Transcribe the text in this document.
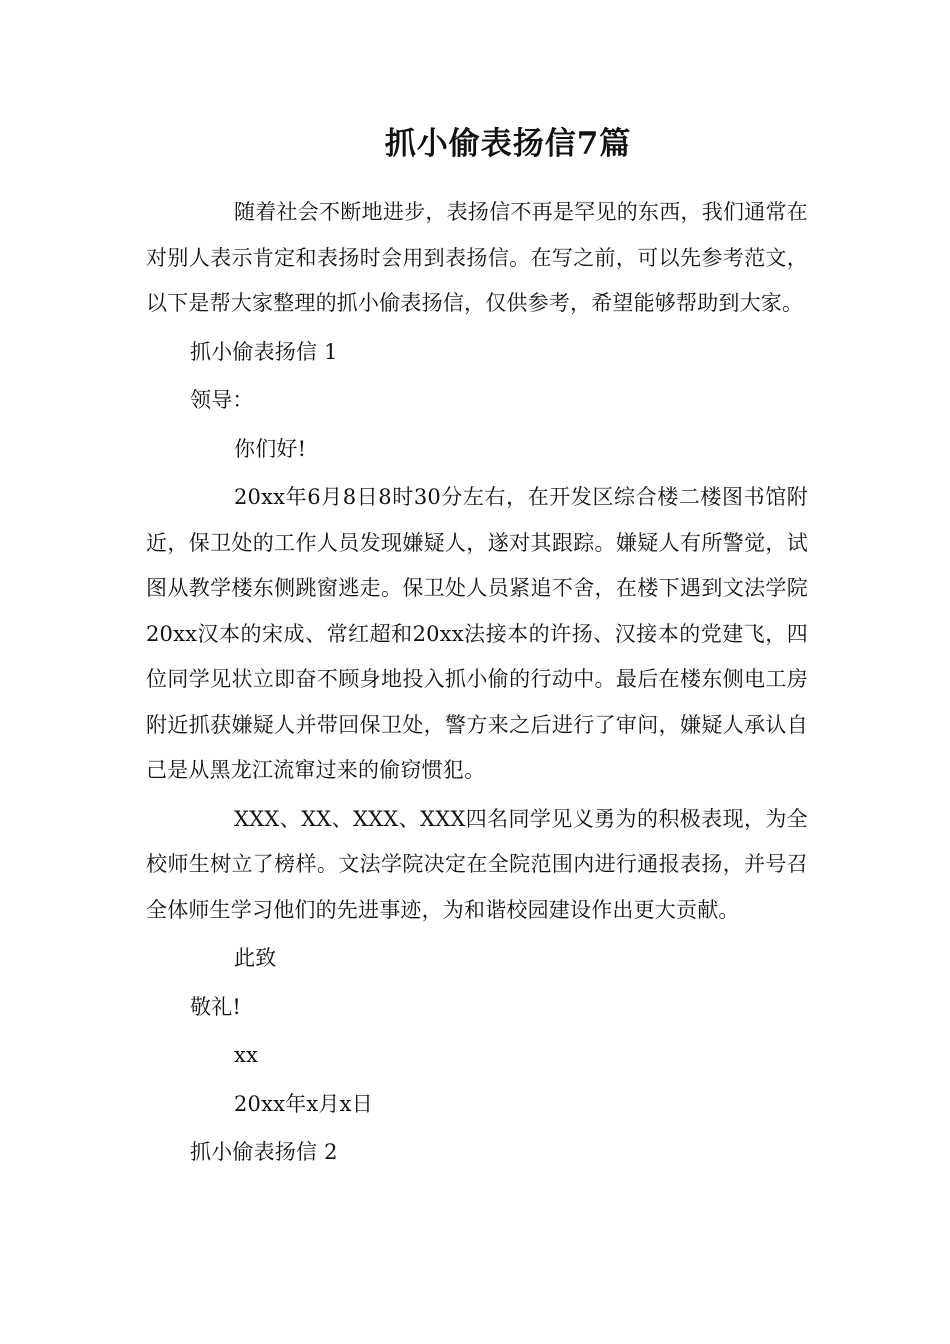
抓小偷表扬信7篇

随着社会不断地进步，表扬信不再是罕见的东西，我们通常在对别人表示肯定和表扬时会用到表扬信。在写之前，可以先参考范文，以下是帮大家整理的抓小偷表扬信，仅供参考，希望能够帮助到大家。

抓小偷表扬信 1

领导：

你们好!

20xx年6月8日8时30分左右，在开发区综合楼二楼图书馆附近，保卫处的工作人员发现嫌疑人，遂对其跟踪。嫌疑人有所警觉，试图从教学楼东侧跳窗逃走。保卫处人员紧追不舍，在楼下遇到文法学院20xx汉本的宋成、常红超和20xx法接本的许扬、汉接本的党建飞，四位同学见状立即奋不顾身地投入抓小偷的行动中。最后在楼东侧电工房附近抓获嫌疑人并带回保卫处，警方来之后进行了审问，嫌疑人承认自己是从黑龙江流窜过来的偷窃惯犯。

XXX、XX、XXX、XXX四名同学见义勇为的积极表现，为全校师生树立了榜样。文法学院决定在全院范围内进行通报表扬，并号召全体师生学习他们的先进事迹，为和谐校园建设作出更大贡献。

此致

敬礼!

xx

20xx年x月x日

抓小偷表扬信 2
